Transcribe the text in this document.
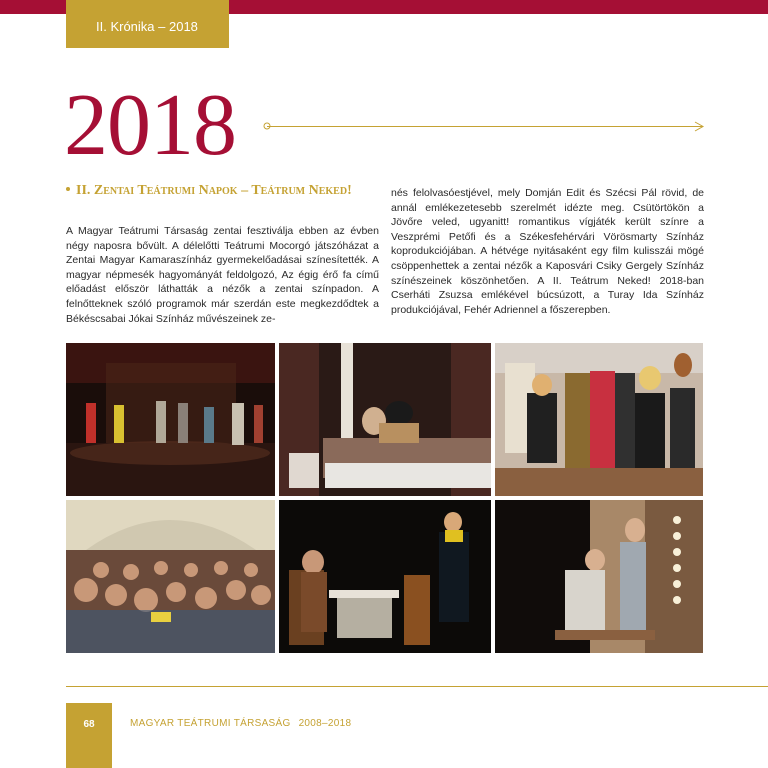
II. Krónika – 2018
2018
II. Zentai Teátrumi Napok – Teátrum Neked!
A Magyar Teátrumi Társaság zentai fesztiválja ebben az évben négy naposra bővült. A délelőtti Teátrumi Mocorgó játszóházat a Zentai Magyar Kamaraszínház gyermekelőadásai színesítették. A magyar népmesék hagyományát feldolgozó, Az égig érő fa című előadást először láthatták a nézők a zentai színpadon. A felnőtteknek szóló programok már szerdán este megkezdődtek a Békéscsabai Jókai Színház művészeinek ze-
nés felolvasóestjével, mely Domján Edit és Szécsi Pál rövid, de annál emlékezetesebb szerelmét idézte meg. Csütörtökön a Jövőre veled, ugyanitt! romantikus vígjáték került színre a Veszprémi Petőfi és a Székesfehérvári Vörösmarty Színház koprodukciójában. A hétvége nyitásaként egy film kulisszái mögé csöppenhettek a zentai nézők a Kaposvári Csiky Gergely Színház színészeinek köszönhetően. A II. Teátrum Neked! 2018-ban Cserháti Zsuzsa emlékével búcsúzott, a Turay Ida Színház produkciójával, Fehér Adriennel a főszerepben.
68	MAGYAR TEÁTRUMI TÁRSASÁG 2008–2018
